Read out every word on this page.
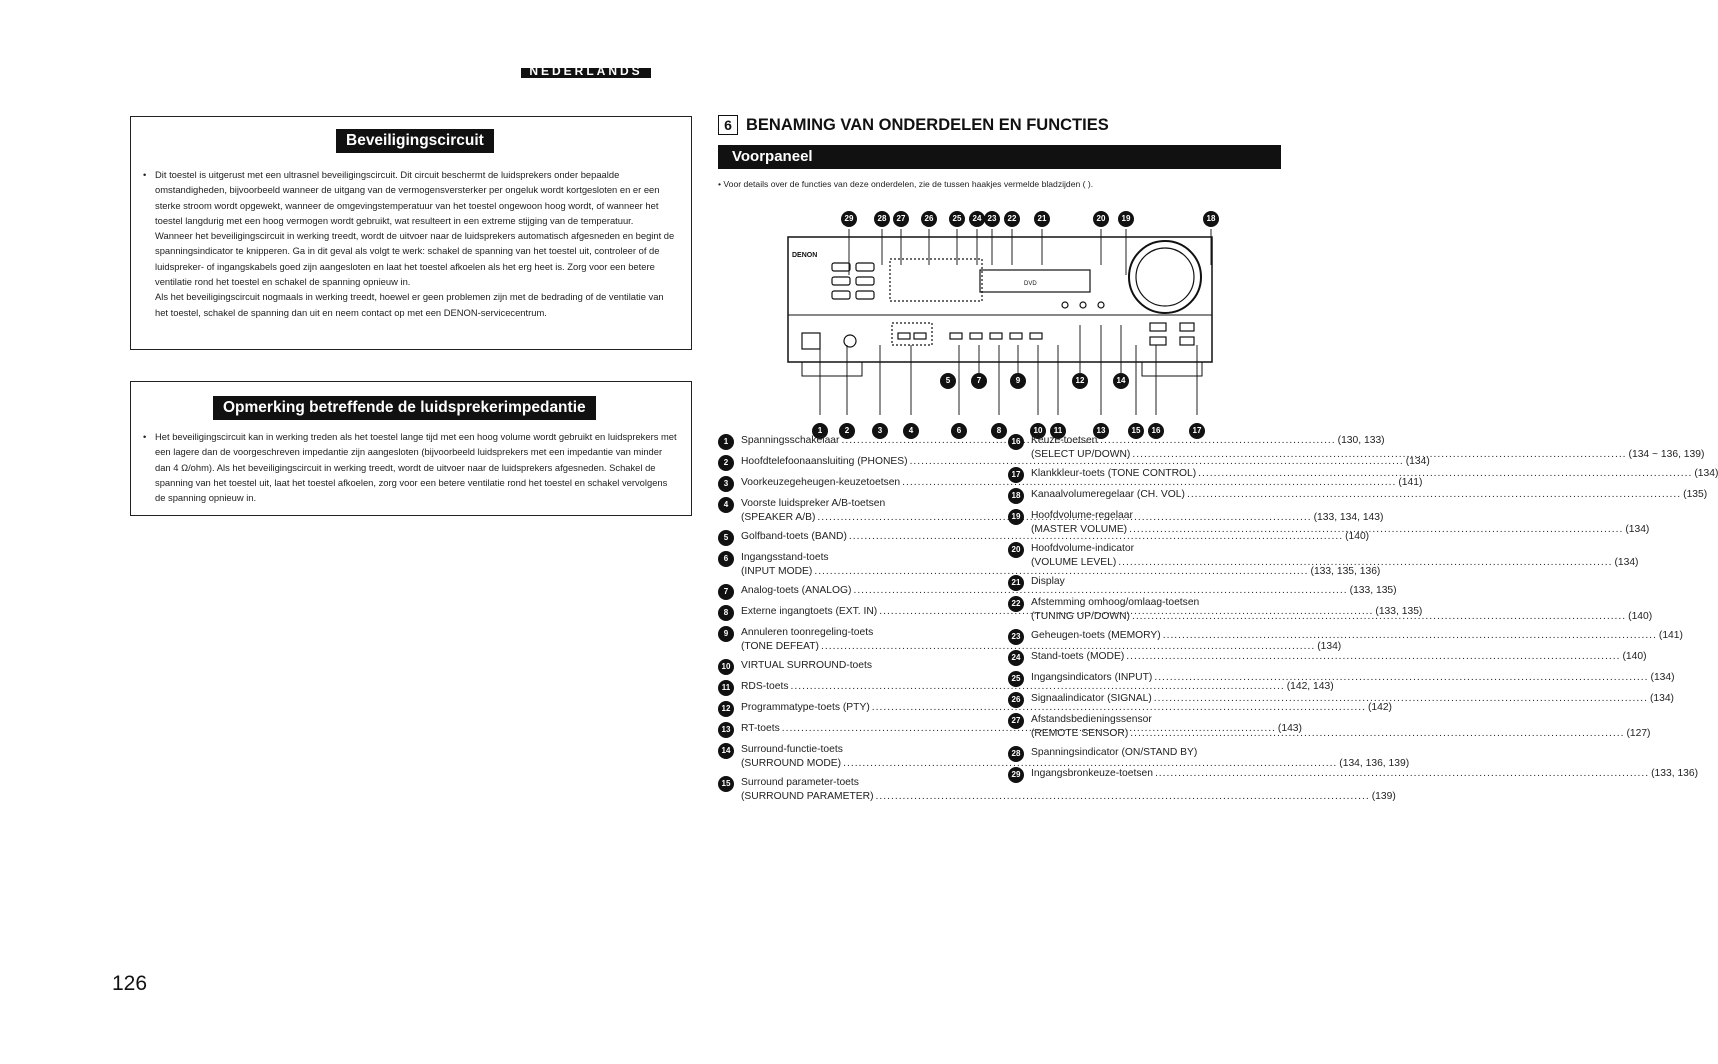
NEDERLANDS
Beveiligingscircuit
• Dit toestel is uitgerust met een ultrasnel beveiligingscircuit. Dit circuit beschermt de luidsprekers onder bepaalde omstandigheden, bijvoorbeeld wanneer de uitgang van de vermogensversterker per ongeluk wordt kortgesloten en er een sterke stroom wordt opgewekt, wanneer de omgevingstemperatuur van het toestel ongewoon hoog wordt, of wanneer het toestel langdurig met een hoog vermogen wordt gebruikt, wat resulteert in een extreme stijging van de temperatuur.
Wanneer het beveiligingscircuit in werking treedt, wordt de uitvoer naar de luidsprekers automatisch afgesneden en begint de spanningsindicator te knipperen. Ga in dit geval als volgt te werk: schakel de spanning van het toestel uit, controleer of de luidspreker- of ingangskabels goed zijn aangesloten en laat het toestel afkoelen als het erg heet is. Zorg voor een betere ventilatie rond het toestel en schakel de spanning opnieuw in.
Als het beveiligingscircuit nogmaals in werking treedt, hoewel er geen problemen zijn met de bedrading of de ventilatie van het toestel, schakel de spanning dan uit en neem contact op met een DENON-servicecentrum.
Opmerking betreffende de luidsprekerimpedantie
• Het beveiligingscircuit kan in werking treden als het toestel lange tijd met een hoog volume wordt gebruikt en luidsprekers met een lagere dan de voorgeschreven impedantie zijn aangesloten (bijvoorbeeld luidsprekers met een impedantie van minder dan 4 Ω/ohm). Als het beveiligingscircuit in werking treedt, wordt de uitvoer naar de luidsprekers afgesneden. Schakel de spanning van het toestel uit, laat het toestel afkoelen, zorg voor een betere ventilatie rond het toestel en schakel vervolgens de spanning opnieuw in.
6 BENAMING VAN ONDERDELEN EN FUNCTIES
Voorpaneel
• Voor details over de functies van deze onderdelen, zie de tussen haakjes vermelde bladzijden ( ).
DENON
DVD
29	28	27	26	25	24 23	22	21	20	19	18
1	2	3	4
5
6
7
8
9
10	11
12
13
14
15	16	17
1	Spanningsschakelaar .....	(130, 133)
2	Hoofdtelefoonaansluiting (PHONES) .....	(134)
3	Voorkeuzegeheugen-keuzetoetsen .....	(141)
4	Voorste luidspreker A/B-toetsen
(SPEAKER A/B) .....	(133, 134, 143)
5	Golfband-toets (BAND) .....	(140)
6	Ingangsstand-toets
(INPUT MODE) .....	(133, 135, 136)
7	Analog-toets (ANALOG) .....	(133, 135)
8	Externe ingangtoets (EXT. IN) .....	(133, 135)
9	Annuleren toonregeling-toets
(TONE DEFEAT) .....	(134)
10	VIRTUAL SURROUND-toets
11	RDS-toets .....	(142, 143)
12	Programmatype-toets (PTY) .....	(142)
13	RT-toets .....	(143)
14	Surround-functie-toets
(SURROUND MODE) .....	(134, 136, 139)
15	Surround parameter-toets
(SURROUND PARAMETER) .....	(139)
16	Keuze-toetsen
(SELECT UP/DOWN) .....	(134 ~ 136, 139)
17	Klankkleur-toets (TONE CONTROL) .....	(134)
18	Kanaalvolumeregelaar (CH. VOL) .....	(135)
19	Hoofdvolume-regelaar
(MASTER VOLUME) .....	(134)
20	Hoofdvolume-indicator
(VOLUME LEVEL) .....	(134)
21	Display
22	Afstemming omhoog/omlaag-toetsen
(TUNING UP/DOWN) .....	(140)
23	Geheugen-toets (MEMORY) .....	(141)
24	Stand-toets (MODE) .....	(140)
25	Ingangsindicators (INPUT) .....	(134)
26	Signaalindicator (SIGNAL) .....	(134)
27	Afstandsbedieningssensor
(REMOTE SENSOR) .....	(127)
28	Spanningsindicator (ON/STAND BY)
29	Ingangsbronkeuze-toetsen .....	(133, 136)
126
